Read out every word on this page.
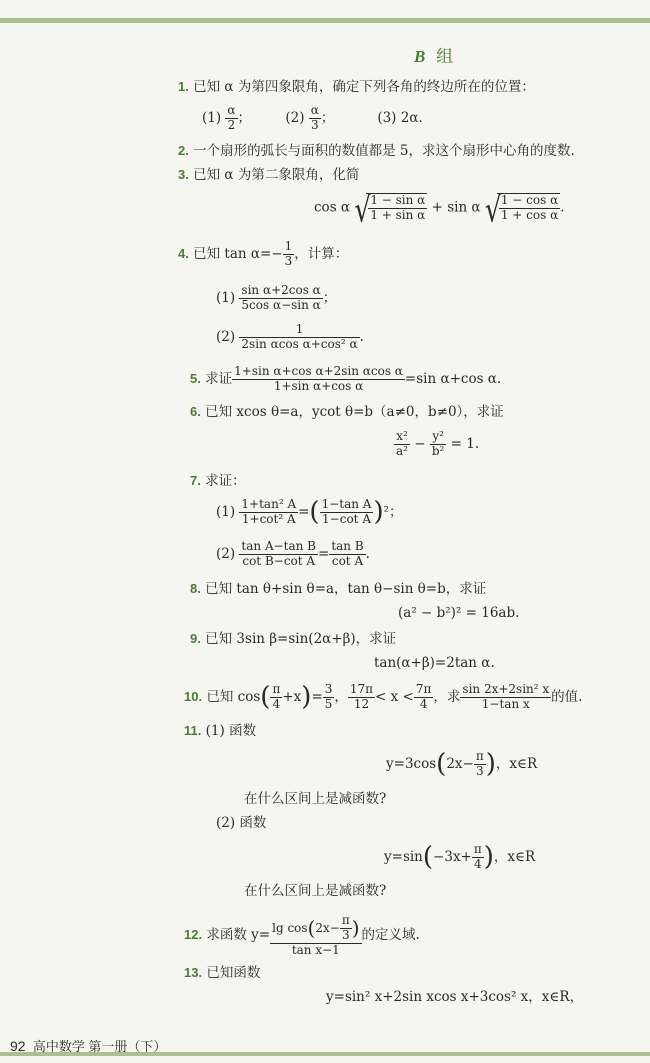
B 组
1. 已知 α 为第四象限角，确定下列各角的终边所在的位置：
$(1) \frac{\alpha}{2}$ ；	$(2) \frac{\alpha}{3}$ ；	(3) 2α.
2. 一个扇形的弧长与面积的数值都是 5，求这个扇形中心角的度数.
3. 已知 α 为第二象限角，化简
cos α √ $\frac{\text{1 − sin α}}{\text{1 + sin α}} + \sin \alpha$ √ $\frac{\text{1 − cos α}}{\text{1 + cos α}}$ .
4. 已知 $\tan \alpha=- \frac{1}{3}$ ，计算：
$(1) \frac{\text{sin α+2cos α}}{\text{5cos α−sin α}}$ ；
$(2) \frac{1}{\text{2sin αcos α+cos² α}}$ .
5. 求证 $\frac{\text{1+sin α+cos α+2sin αcos α}}{\text{1+sin α+cos α}} =\sin$ α+cos α.
6. 已知 xcos θ=a，ycot θ=b（a≠0，b≠0），求证
$\frac{\text{x²}}{\text{a²}} - \frac{\text{y²}}{\text{b²}} = 1$.
7. 求证：
$(1) \frac{\text{1+tan² A}}{\text{1+cot² A}}$ =( $\frac{\text{1−tan A}}{\text{1−cot A}} )^2$；
$(2) \frac{\text{tan A−tan B}}{\text{cot B−cot A}} = \frac{\text{tan B}}{\text{cot A}}$ .
8. 已知 tan θ+sin θ=a，tan θ−sin θ=b，求证
(a² − b²)² = 16ab.
9. 已知 3sin β=sin(2α+β)，求证
tan(α+β)=2tan α.
10. 已知 $\cos( \frac{\pi}{4} +x)= \frac{3}{5}$ ， $\frac{17\pi}{12} < x < \frac{7\pi}{4}$ ，求 $\frac{\text{sin 2x+2sin² x}}{\text{1−tan x}}$ 的值.
11. (1) 函数
$y=3\cos(2x- \frac{\pi}{3}$ )，x∈R
在什么区间上是减函数?
(2) 函数
$y=\sin(-3x+ \frac{\pi}{4}$ )，x∈R
在什么区间上是减函数?
12. 求函数 $y= \frac{\lg \cos(2x- \frac{\pi}{3} )}{\text{tan x−1}}$ 的定义域.
13. 已知函数
y=sin² x+2sin xcos x+3cos² x，x∈R，
92 高中数学 第一册（下）
